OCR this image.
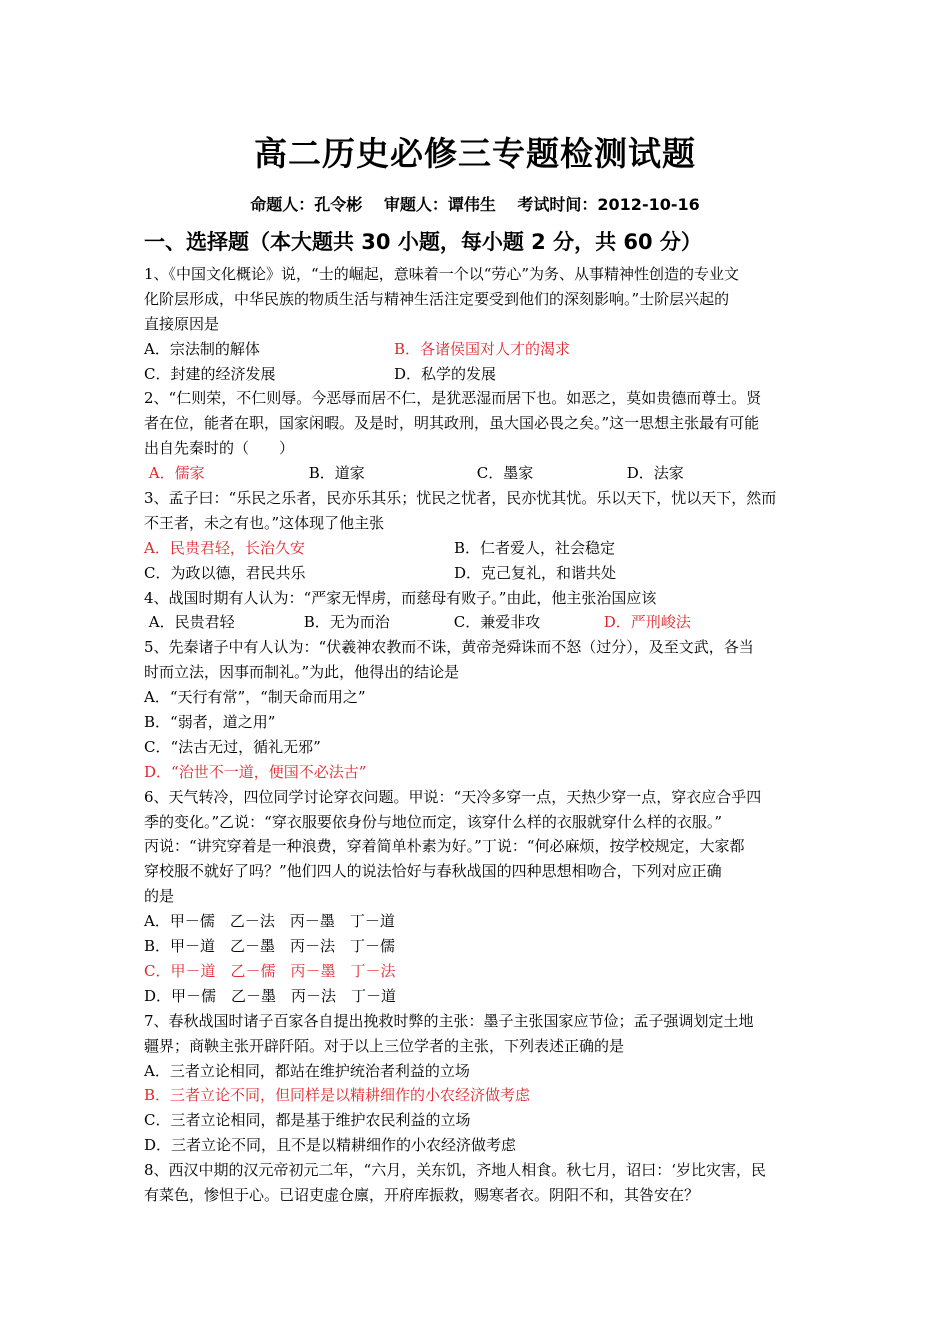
高二历史必修三专题检测试题
命题人：孔令彬 审题人：谭伟生 考试时间：2012-10-16
一、选择题（本大题共 30 小题，每小题 2 分，共 60 分）
1、《中国文化概论》说，“士的崛起，意味着一个以“劳心”为务、从事精神性创造的专业文
化阶层形成，中华民族的物质生活与精神生活注定要受到他们的深刻影响。”士阶层兴起的
直接原因是
A．宗法制的解体	B．各诸侯国对人才的渴求
C．封建的经济发展	D．私学的发展
2、“仁则荣，不仁则辱。今恶辱而居不仁，是犹恶湿而居下也。如恶之，莫如贵德而尊士。贤
者在位，能者在职，国家闲暇。及是时，明其政刑，虽大国必畏之矣。”这一思想主张最有可能
出自先秦时的（　　）
A．儒家	B．道家	C．墨家	D．法家
3、孟子曰：“乐民之乐者，民亦乐其乐；忧民之忧者，民亦忧其忧。乐以天下，忧以天下，然而
不王者，未之有也。”这体现了他主张
A．民贵君轻，长治久安	B．仁者爱人，社会稳定
C．为政以德，君民共乐	D．克己复礼，和谐共处
4、战国时期有人认为：“严家无悍虏，而慈母有败子。”由此，他主张治国应该
A．民贵君轻	B．无为而治	C．兼爱非攻	D．严刑峻法
5、先秦诸子中有人认为：“伏羲神农教而不诛，黄帝尧舜诛而不怒（过分），及至文武，各当
时而立法，因事而制礼。”为此，他得出的结论是
A．“天行有常”，“制天命而用之”
B．“弱者，道之用”
C．“法古无过，循礼无邪”
D．“治世不一道，便国不必法古”
6、天气转冷，四位同学讨论穿衣问题。甲说：“天冷多穿一点，天热少穿一点，穿衣应合乎四
季的变化。”乙说：“穿衣服要依身份与地位而定，该穿什么样的衣服就穿什么样的衣服。”
丙说：“讲究穿着是一种浪费，穿着简单朴素为好。”丁说：“何必麻烦，按学校规定，大家都
穿校服不就好了吗？”他们四人的说法恰好与春秋战国的四种思想相吻合，下列对应正确
的是
A．甲－儒　乙－法　丙－墨　丁－道
B．甲－道　乙－墨　丙－法　丁－儒
C．甲－道　乙－儒　丙－墨　丁－法
D．甲－儒　乙－墨　丙－法　丁－道
7、春秋战国时诸子百家各自提出挽救时弊的主张：墨子主张国家应节俭；孟子强调划定土地
疆界；商鞅主张开辟阡陌。对于以上三位学者的主张，下列表述正确的是
A．三者立论相同，都站在维护统治者利益的立场
B．三者立论不同，但同样是以精耕细作的小农经济做考虑
C．三者立论相同，都是基于维护农民利益的立场
D．三者立论不同，且不是以精耕细作的小农经济做考虑
8、西汉中期的汉元帝初元二年，“六月，关东饥，齐地人相食。秋七月，诏曰：‘岁比灾害，民
有菜色，惨怛于心。已诏吏虚仓廪，开府库振救，赐寒者衣。阴阳不和，其咎安在？
